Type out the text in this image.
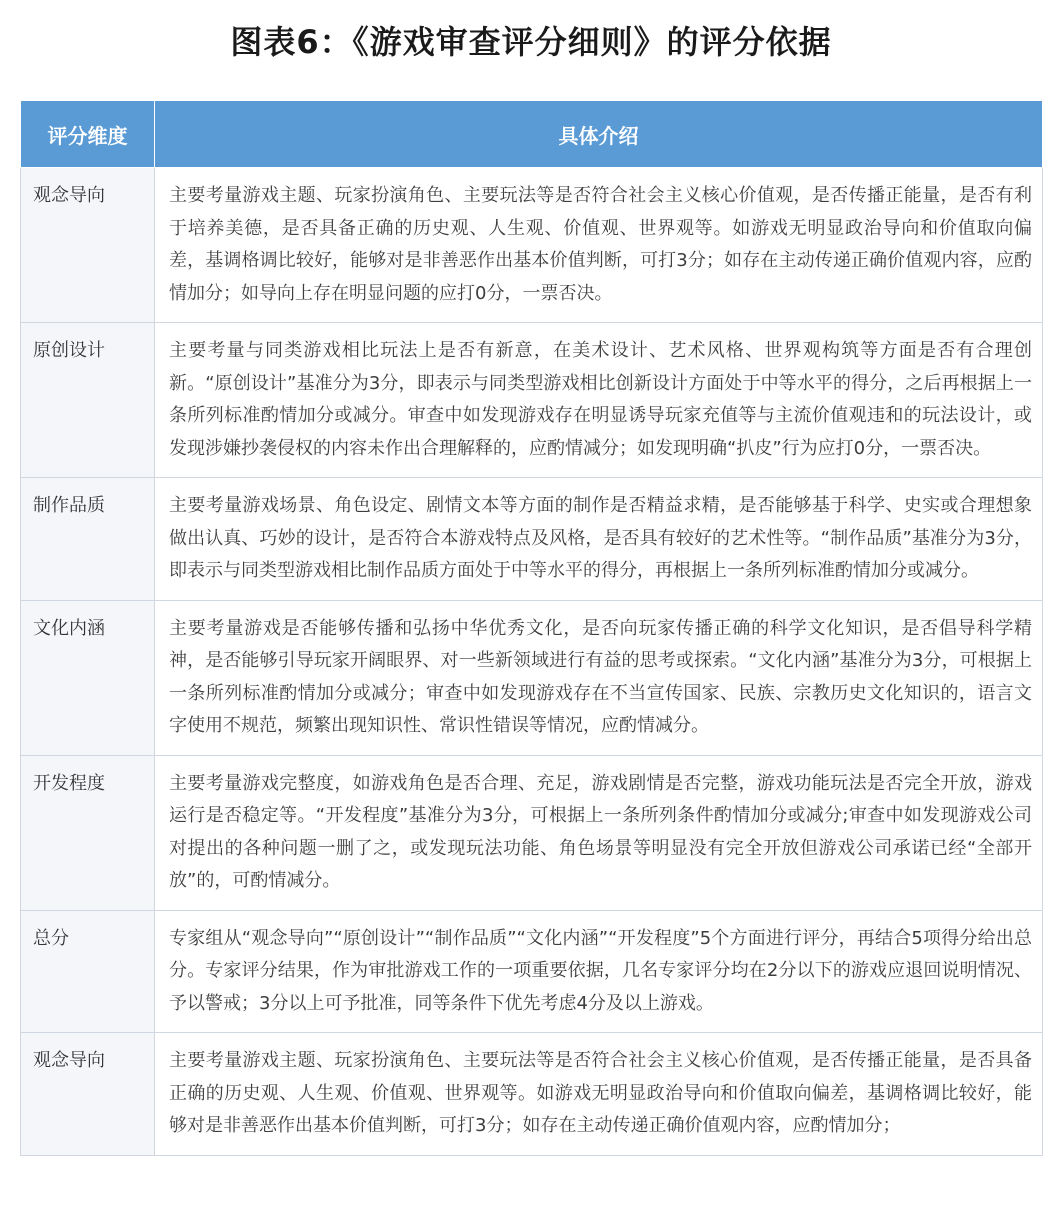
图表6：《游戏审查评分细则》的评分依据
评分维度	具体介绍
观念导向	主要考量游戏主题、玩家扮演角色、主要玩法等是否符合社会主义核心价值观，是否传播正能量，是否有利于培养美德，是否具备正确的历史观、人生观、价值观、世界观等。如游戏无明显政治导向和价值取向偏差，基调格调比较好，能够对是非善恶作出基本价值判断，可打3分；如存在主动传递正确价值观内容，应酌情加分；如导向上存在明显问题的应打0分，一票否决。
原创设计	主要考量与同类游戏相比玩法上是否有新意，在美术设计、艺术风格、世界观构筑等方面是否有合理创新。“原创设计”基准分为3分，即表示与同类型游戏相比创新设计方面处于中等水平的得分，之后再根据上一条所列标准酌情加分或减分。审查中如发现游戏存在明显诱导玩家充值等与主流价值观违和的玩法设计，或发现涉嫌抄袭侵权的内容未作出合理解释的，应酌情减分；如发现明确“扒皮”行为应打0分，一票否决。
制作品质	主要考量游戏场景、角色设定、剧情文本等方面的制作是否精益求精，是否能够基于科学、史实或合理想象做出认真、巧妙的设计，是否符合本游戏特点及风格，是否具有较好的艺术性等。“制作品质”基准分为3分，即表示与同类型游戏相比制作品质方面处于中等水平的得分，再根据上一条所列标准酌情加分或减分。
文化内涵	主要考量游戏是否能够传播和弘扬中华优秀文化，是否向玩家传播正确的科学文化知识，是否倡导科学精神，是否能够引导玩家开阔眼界、对一些新领域进行有益的思考或探索。“文化内涵”基准分为3分，可根据上一条所列标准酌情加分或减分；审查中如发现游戏存在不当宣传国家、民族、宗教历史文化知识的，语言文字使用不规范，频繁出现知识性、常识性错误等情况，应酌情减分。
开发程度	主要考量游戏完整度，如游戏角色是否合理、充足，游戏剧情是否完整，游戏功能玩法是否完全开放，游戏运行是否稳定等。“开发程度”基准分为3分，可根据上一条所列条件酌情加分或减分;审查中如发现游戏公司对提出的各种问题一删了之，或发现玩法功能、角色场景等明显没有完全开放但游戏公司承诺已经“全部开放”的，可酌情减分。
总分	专家组从“观念导向”“原创设计”“制作品质”“文化内涵”“开发程度”5个方面进行评分，再结合5项得分给出总分。专家评分结果，作为审批游戏工作的一项重要依据，几名专家评分均在2分以下的游戏应退回说明情况、予以警戒；3分以上可予批准，同等条件下优先考虑4分及以上游戏。
观念导向	主要考量游戏主题、玩家扮演角色、主要玩法等是否符合社会主义核心价值观，是否传播正能量，是否具备正确的历史观、人生观、价值观、世界观等。如游戏无明显政治导向和价值取向偏差，基调格调比较好，能够对是非善恶作出基本价值判断，可打3分；如存在主动传递正确价值观内容，应酌情加分；
